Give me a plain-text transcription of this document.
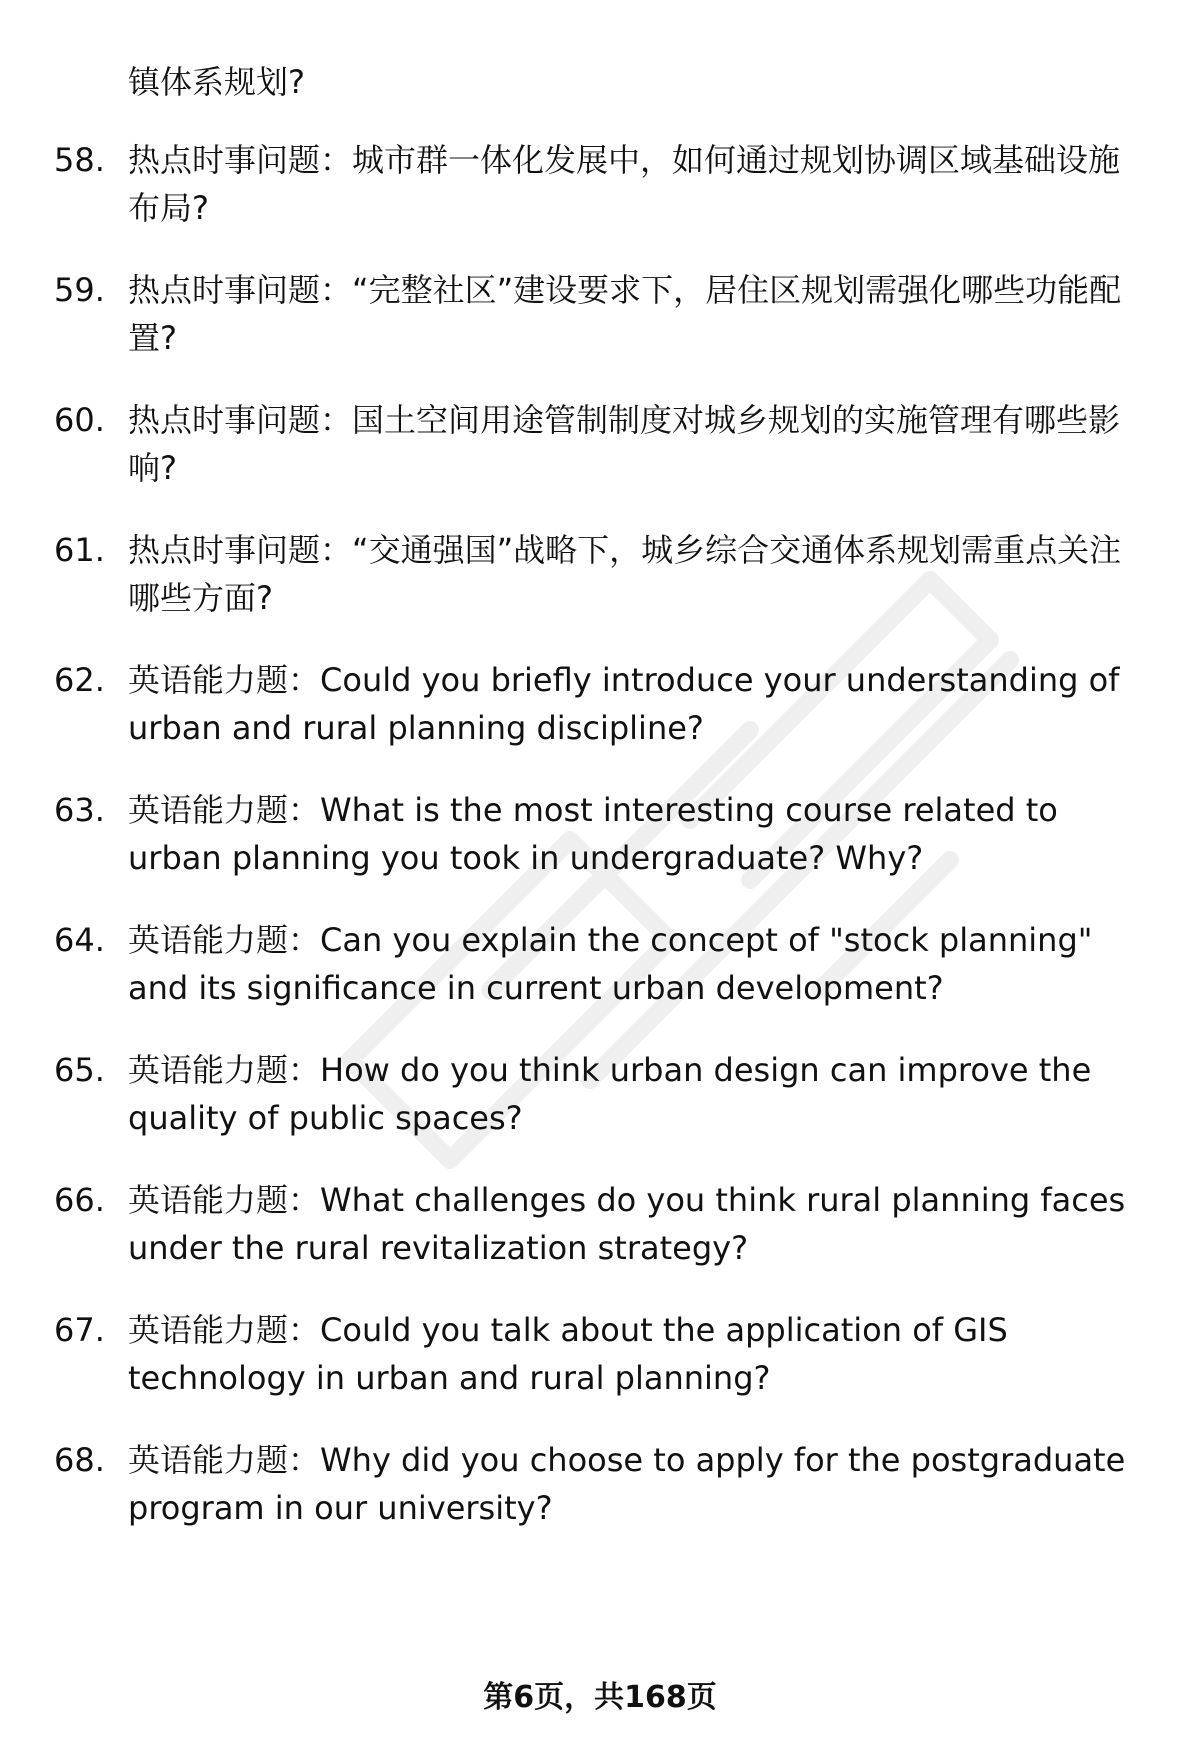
镇体系规划?
58. 热点时事问题：城市群一体化发展中，如何通过规划协调区域基础设施布局?
59. 热点时事问题：“完整社区”建设要求下，居住区规划需强化哪些功能配置?
60. 热点时事问题：国土空间用途管制制度对城乡规划的实施管理有哪些影响?
61. 热点时事问题：“交通强国”战略下，城乡综合交通体系规划需重点关注哪些方面?
62. 英语能力题：Could you briefly introduce your understanding of urban and rural planning discipline?
63. 英语能力题：What is the most interesting course related to urban planning you took in undergraduate? Why?
64. 英语能力题：Can you explain the concept of "stock planning" and its significance in current urban development?
65. 英语能力题：How do you think urban design can improve the quality of public spaces?
66. 英语能力题：What challenges do you think rural planning faces under the rural revitalization strategy?
67. 英语能力题：Could you talk about the application of GIS technology in urban and rural planning?
68. 英语能力题：Why did you choose to apply for the postgraduate program in our university?
第6页，共168页
